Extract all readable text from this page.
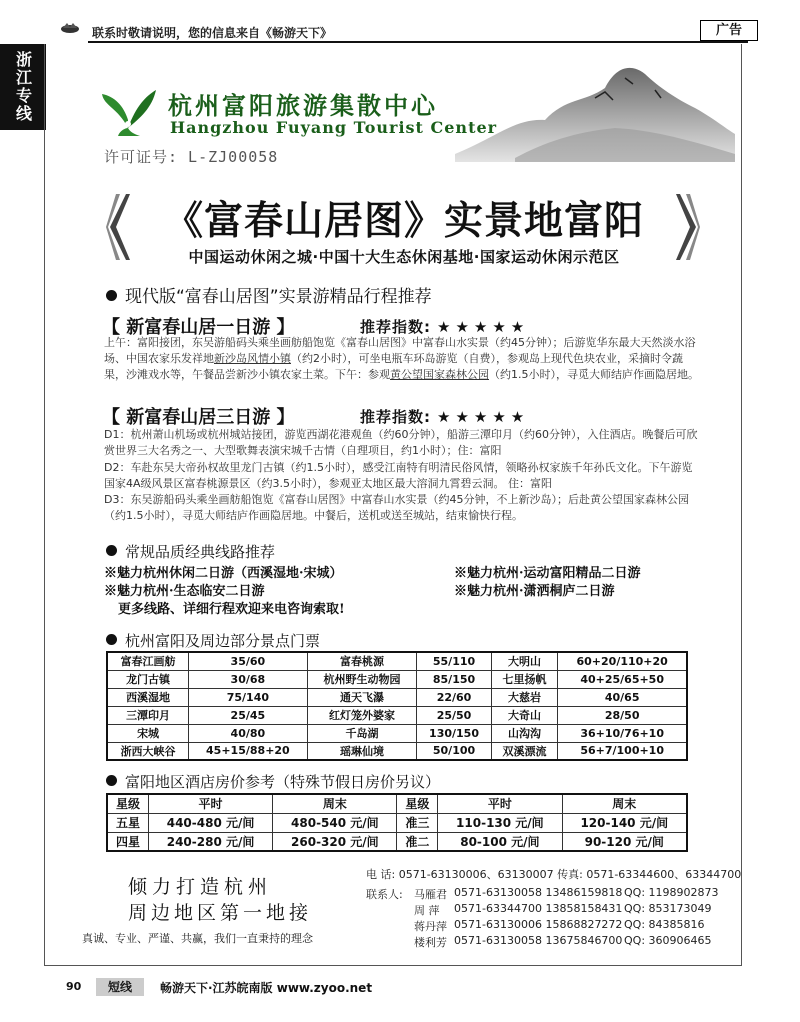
联系时敬请说明，您的信息来自《畅游天下》	广告
浙江专线	杭州富阳旅游集散中心
Hangzhou Fuyang Tourist Center
许可证号: L-ZJ00058
《富春山居图》实景地富阳
中国运动休闲之城·中国十大生态休闲基地·国家运动休闲示范区
现代版“富春山居图”实景游精品行程推荐
【 新富春山居一日游 】	推荐指数: ★★★★★
上午：富阳接团，东吴游船码头乘坐画舫船饱览《富春山居图》中富春山水实景（约45分钟）；后游览华东最大天然淡水浴场、中国农家乐发祥地新沙岛风情小镇（约2小时），可坐电瓶车环岛游览（自费），参观岛上现代色块农业，采摘时令蔬果，沙滩戏水等，午餐品尝新沙小镇农家土菜。下午：参观黄公望国家森林公园（约1.5小时），寻觅大师结庐作画隐居地。
【 新富春山居三日游 】	推荐指数: ★★★★★
D1：杭州萧山机场或杭州城站接团，游览西湖花港观鱼（约60分钟），船游三潭印月（约60分钟），入住酒店。晚餐后可欣赏世界三大名秀之一、大型歌舞表演宋城千古情（自理项目，约1小时）；住：富阳
D2：车赴东吴大帝孙权故里龙门古镇（约1.5小时），感受江南特有明清民俗风情，领略孙权家族千年孙氏文化。下午游览国家4A级风景区富春桃源景区（约3.5小时），参观亚太地区最大溶洞九霄碧云洞。 住：富阳
D3：东吴游船码头乘坐画舫船饱览《富春山居图》中富春山水实景（约45分钟，不上新沙岛）；后赴黄公望国家森林公园（约1.5小时），寻觅大师结庐作画隐居地。中餐后，送机或送至城站，结束愉快行程。
常规品质经典线路推荐
※魅力杭州休闲二日游（西溪湿地·宋城）	※魅力杭州·运动富阳精品二日游
※魅力杭州·生态临安二日游	※魅力杭州·潇洒桐庐二日游
更多线路、详细行程欢迎来电咨询索取!
杭州富阳及周边部分景点门票
富春江画舫	35/60	富春桃源	55/110	大明山	60+20/110+20
龙门古镇	30/68	杭州野生动物园	85/150	七里扬帆	40+25/65+50
西溪湿地	75/140	通天飞瀑	22/60	大慈岩	40/65
三潭印月	25/45	红灯笼外婆家	25/50	大奇山	28/50
宋城	40/80	千岛湖	130/150	山沟沟	36+10/76+10
浙西大峡谷	45+15/88+20	瑶琳仙境	50/100	双溪漂流	56+7/100+10
富阳地区酒店房价参考（特殊节假日房价另议）
星级	平时	周末	星级	平时	周末
五星	440-480 元/间	480-540 元/间	准三	110-130 元/间	120-140 元/间
四星	240-280 元/间	260-320 元/间	准二	80-100 元/间	90-120 元/间
倾力打造杭州
周边地区第一地接
真诚、专业、严谨、共赢，我们一直秉持的理念
电 话: 0571-63130006、63130007 传真: 0571-63344600、63344700
联系人: 马雁君 0571-63130058 13486159818 QQ: 1198902873
周 萍 0571-63344700 13858158431 QQ: 853173049
蒋丹萍 0571-63130006 15868827272 QQ: 84385816
楼利芳 0571-63130058 13675846700 QQ: 360906465
90	短线	畅游天下·江苏皖南版 www.zyoo.net
